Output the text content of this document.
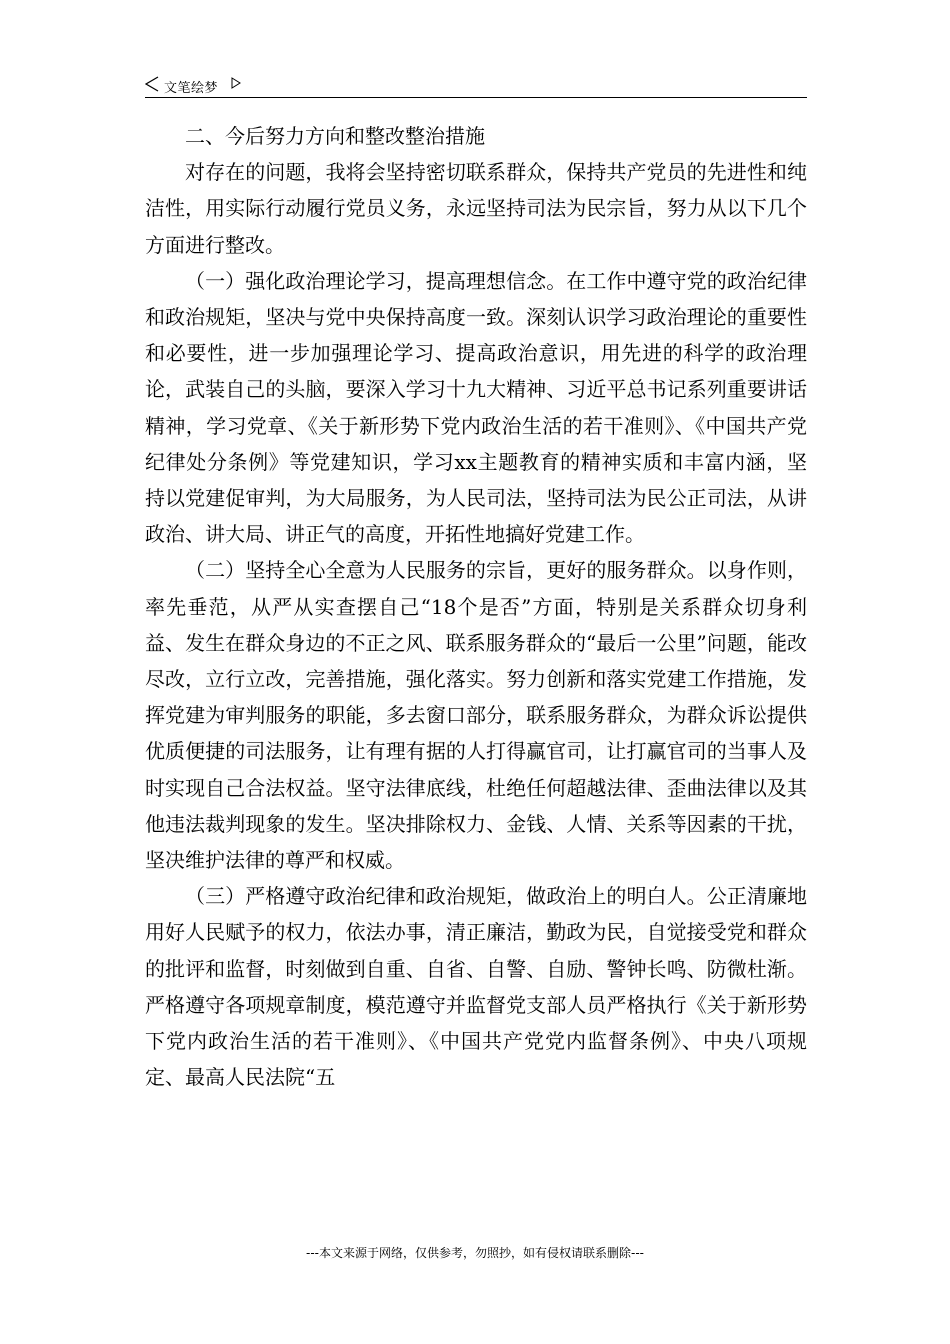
文笔绘梦

二、今后努力方向和整改整治措施

对存在的问题，我将会坚持密切联系群众，保持共产党员的先进性和纯洁性，用实际行动履行党员义务，永远坚持司法为民宗旨，努力从以下几个方面进行整改。

（一）强化政治理论学习，提高理想信念。在工作中遵守党的政治纪律和政治规矩，坚决与党中央保持高度一致。深刻认识学习政治理论的重要性和必要性，进一步加强理论学习、提高政治意识，用先进的科学的政治理论，武装自己的头脑，要深入学习十九大精神、习近平总书记系列重要讲话精神，学习党章、《关于新形势下党内政治生活的若干准则》、《中国共产党纪律处分条例》等党建知识，学习xx主题教育的精神实质和丰富内涵，坚持以党建促审判，为大局服务，为人民司法，坚持司法为民公正司法，从讲政治、讲大局、讲正气的高度，开拓性地搞好党建工作。

（二）坚持全心全意为人民服务的宗旨，更好的服务群众。以身作则，率先垂范，从严从实查摆自己“18个是否”方面，特别是关系群众切身利益、发生在群众身边的不正之风、联系服务群众的“最后一公里”问题，能改尽改，立行立改，完善措施，强化落实。努力创新和落实党建工作措施，发挥党建为审判服务的职能，多去窗口部分，联系服务群众，为群众诉讼提供优质便捷的司法服务，让有理有据的人打得赢官司，让打赢官司的当事人及时实现自己合法权益。坚守法律底线，杜绝任何超越法律、歪曲法律以及其他违法裁判现象的发生。坚决排除权力、金钱、人情、关系等因素的干扰，坚决维护法律的尊严和权威。

（三）严格遵守政治纪律和政治规矩，做政治上的明白人。公正清廉地用好人民赋予的权力，依法办事，清正廉洁，勤政为民，自觉接受党和群众的批评和监督，时刻做到自重、自省、自警、自励、警钟长鸣、防微杜渐。严格遵守各项规章制度，模范遵守并监督党支部人员严格执行《关于新形势下党内政治生活的若干准则》、《中国共产党党内监督条例》、中央八项规定、最高人民法院“五

---本文来源于网络，仅供参考，勿照抄，如有侵权请联系删除---
